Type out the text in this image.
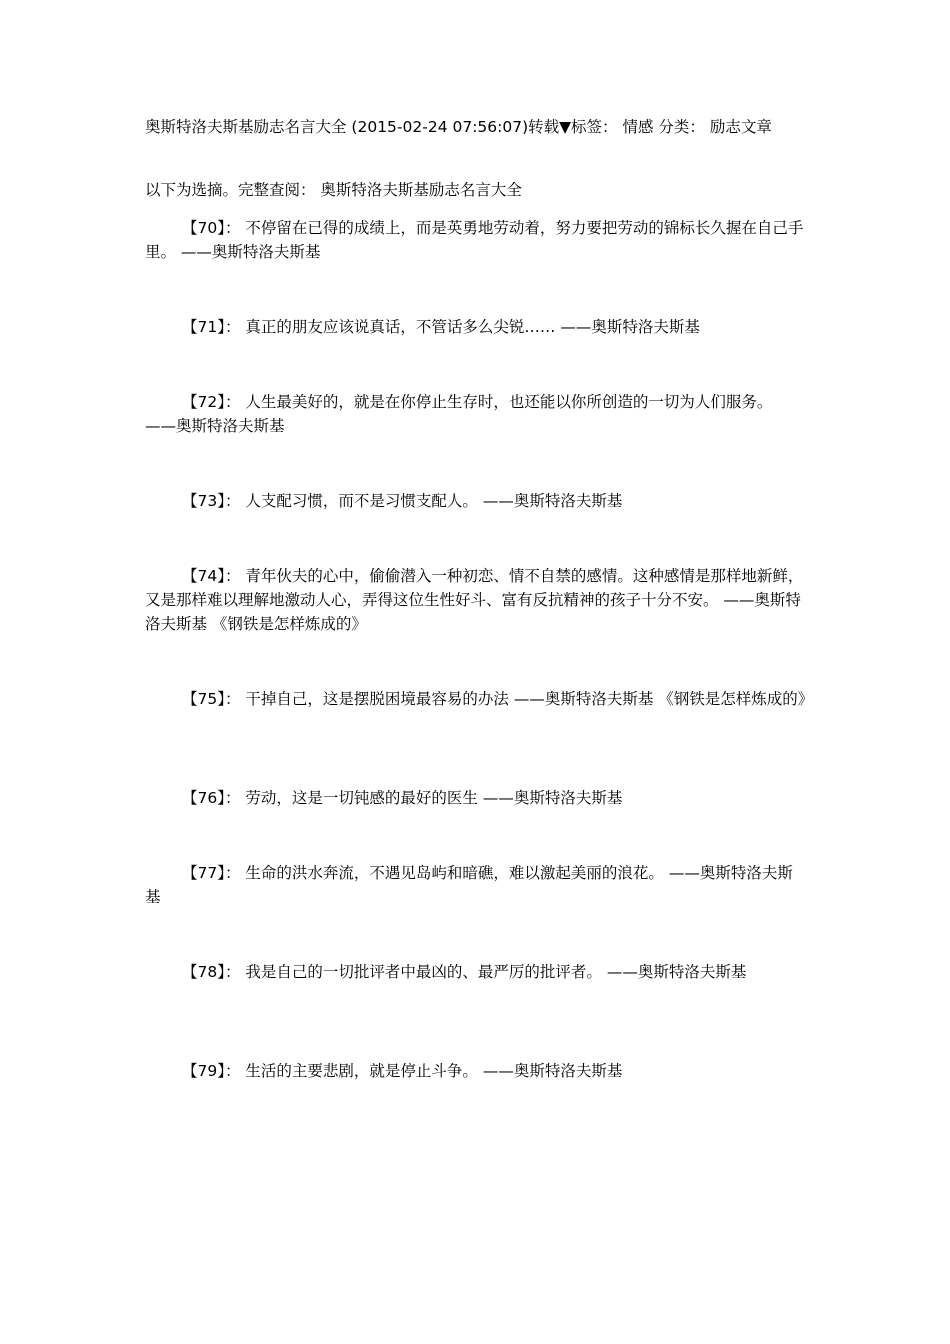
奥斯特洛夫斯基励志名言大全 (2015-02-24 07:56:07)转载▼标签： 情感 分类： 励志文章
以下为选摘。完整查阅： 奥斯特洛夫斯基励志名言大全
【70】： 不停留在已得的成绩上，而是英勇地劳动着，努力要把劳动的锦标长久握在自己手里。 ——奥斯特洛夫斯基
【71】： 真正的朋友应该说真话，不管话多么尖锐…… ——奥斯特洛夫斯基
【72】： 人生最美好的，就是在你停止生存时，也还能以你所创造的一切为人们服务。 ——奥斯特洛夫斯基
【73】： 人支配习惯，而不是习惯支配人。 ——奥斯特洛夫斯基
【74】： 青年伙夫的心中，偷偷潜入一种初恋、情不自禁的感情。这种感情是那样地新鲜，又是那样难以理解地激动人心，弄得这位生性好斗、富有反抗精神的孩子十分不安。 ——奥斯特洛夫斯基 《钢铁是怎样炼成的》
【75】： 干掉自己，这是摆脱困境最容易的办法 ——奥斯特洛夫斯基 《钢铁是怎样炼成的》
【76】： 劳动，这是一切钝感的最好的医生 ——奥斯特洛夫斯基
【77】： 生命的洪水奔流，不遇见岛屿和暗礁，难以激起美丽的浪花。 ——奥斯特洛夫斯基
【78】： 我是自己的一切批评者中最凶的、最严厉的批评者。 ——奥斯特洛夫斯基
【79】： 生活的主要悲剧，就是停止斗争。 ——奥斯特洛夫斯基
